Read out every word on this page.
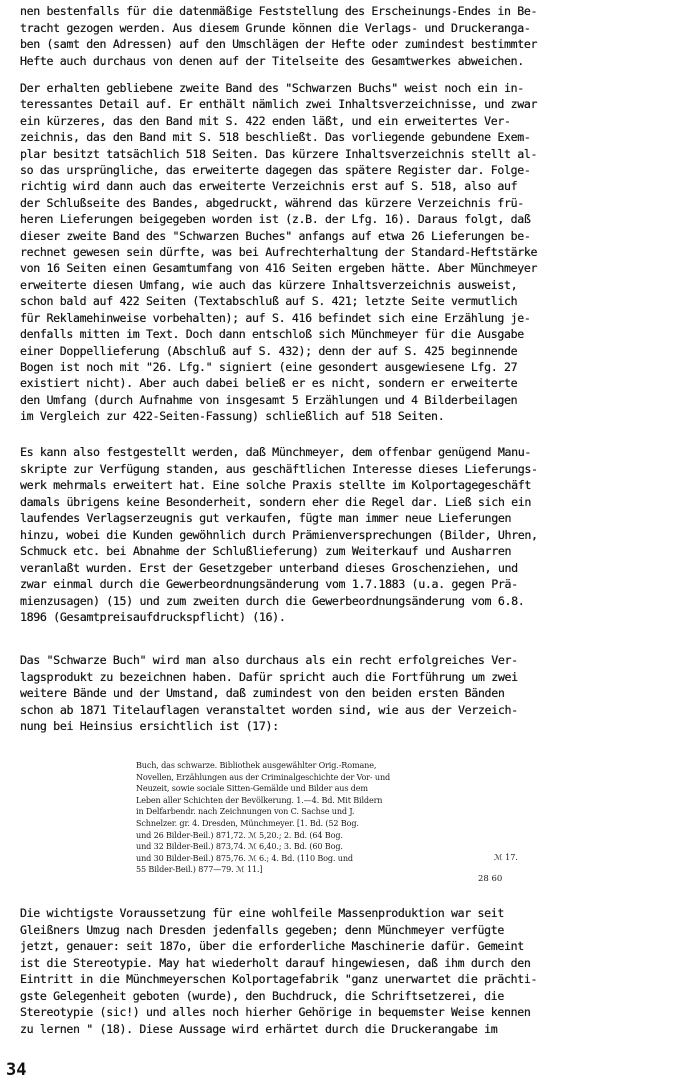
nen bestenfalls für die datenmäßige Feststellung des Erscheinungs-Endes in Be-
tracht gezogen werden. Aus diesem Grunde können die Verlags- und Druckerangа-
ben (samt den Adressen) auf den Umschlägen der Hefte oder zumindest bestimmter
Hefte auch durchaus von denen auf der Titelseite des Gesamtwerkes abweichen.
Der erhalten gebliebene zweite Band des "Schwarzen Buchs" weist noch ein in-
teressantes Detail auf. Er enthält nämlich zwei Inhaltsverzeichnisse, und zwar
ein kürzeres, das den Band mit S. 422 enden läßt, und ein erweitertes Ver-
zeichnis, das den Band mit S. 518 beschließt. Das vorliegende gebundene Exem-
plar besitzt tatsächlich 518 Seiten. Das kürzere Inhaltsverzeichnis stellt al-
so das ursprüngliche, das erweiterte dagegen das spätere Register dar. Folge-
richtig wird dann auch das erweiterte Verzeichnis erst auf S. 518, also auf
der Schlußseite des Bandes, abgedruckt, während das kürzere Verzeichnis frü-
heren Lieferungen beigegeben worden ist (z.B. der Lfg. 16). Daraus folgt, daß
dieser zweite Band des "Schwarzen Buches" anfangs auf etwa 26 Lieferungen be-
rechnet gewesen sein dürfte, was bei Aufrechterhaltung der Standard-Heftstärke
von 16 Seiten einen Gesamtumfang von 416 Seiten ergeben hätte. Aber Münchmeyer
erweiterte diesen Umfang, wie auch das kürzere Inhaltsverzeichnis ausweist,
schon bald auf 422 Seiten (Textabschluß auf S. 421; letzte Seite vermutlich
für Reklamehinweise vorbehalten); auf S. 416 befindet sich eine Erzählung je-
denfalls mitten im Text. Doch dann entschloß sich Münchmeyer für die Ausgabe
einer Doppellieferung (Abschluß auf S. 432); denn der auf S. 425 beginnende
Bogen ist noch mit "26. Lfg." signiert (eine gesondert ausgewiesene Lfg. 27
existiert nicht). Aber auch dabei beließ er es nicht, sondern er erweiterte
den Umfang (durch Aufnahme von insgesamt 5 Erzählungen und 4 Bilderbeilagen
im Vergleich zur 422-Seiten-Fassung) schließlich auf 518 Seiten.
Es kann also festgestellt werden, daß Münchmeyer, dem offenbar genügend Manu-
skripte zur Verfügung standen, aus geschäftlichen Interesse dieses Lieferungs-
werk mehrmals erweitert hat. Eine solche Praxis stellte im Kolportagegeschäft
damals übrigens keine Besonderheit, sondern eher die Regel dar. Ließ sich ein
laufendes Verlagserzeugnis gut verkaufen, fügte man immer neue Lieferungen
hinzu, wobei die Kunden gewöhnlich durch Prämienversprechungen (Bilder, Uhren,
Schmuck etc. bei Abnahme der Schlußlieferung) zum Weiterkauf und Ausharren
veranlaßt wurden. Erst der Gesetzgeber unterband dieses Groschenziehen, und
zwar einmal durch die Gewerbeordnungsänderung vom 1.7.1883 (u.a. gegen Prä-
mienzusagen) (15) und zum zweiten durch die Gewerbeordnungsänderung vom 6.8.
1896 (Gesamtpreisaufdruckspflicht) (16).
Das "Schwarze Buch" wird man also durchaus als ein recht erfolgreiches Ver-
lagsprodukt zu bezeichnen haben. Dafür spricht auch die Fortführung um zwei
weitere Bände und der Umstand, daß zumindest von den beiden ersten Bänden
schon ab 1871 Titelauflagen veranstaltet worden sind, wie aus der Verzeich-
nung bei Heinsius ersichtlich ist (17):
Buch, das schwarze. Bibliothek ausgewählter Orig.-Romane,
Novellen, Erzählungen aus der Criminalgeschichte der Vor- und
Neuzeit, sowie sociale Sitten-Gemälde und Bilder aus dem
Leben aller Schichten der Bevölkerung. 1.—4. Bd. Mit Bildern
in Delfarbendr. nach Zeichnungen von C. Sachse und J.
Schnelzer. gr. 4. Dresden, Münchmeyer. [1. Bd. (52 Bog.
und 26 Bilder-Beil.) 871,72. ℳ 5,20.; 2. Bd. (64 Bog.
und 32 Bilder-Beil.) 873,74. ℳ 6,40.; 3. Bd. (60 Bog.
und 30 Bilder-Beil.) 875,76. ℳ 6.; 4. Bd. (110 Bog. und
55 Bilder-Beil.) 877—79. ℳ 11.]
ℳ 17.
28 60
Die wichtigste Voraussetzung für eine wohlfeile Massenproduktion war seit
Gleißners Umzug nach Dresden jedenfalls gegeben; denn Münchmeyer verfügte
jetzt, genauer: seit 187o, über die erforderliche Maschinerie dafür. Gemeint
ist die Stereotypie. May hat wiederholt darauf hingewiesen, daß ihm durch den
Eintritt in die Münchmeyerschen Kolportagefabrik "ganz unerwartet die prächti-
gste Gelegenheit geboten (wurde), den Buchdruck, die Schriftsetzerei, die
Stereotypie (sic!) und alles noch hierher Gehörige in bequemster Weise kennen
zu lernen " (18). Diese Aussage wird erhärtet durch die Druckerangabe im
34
